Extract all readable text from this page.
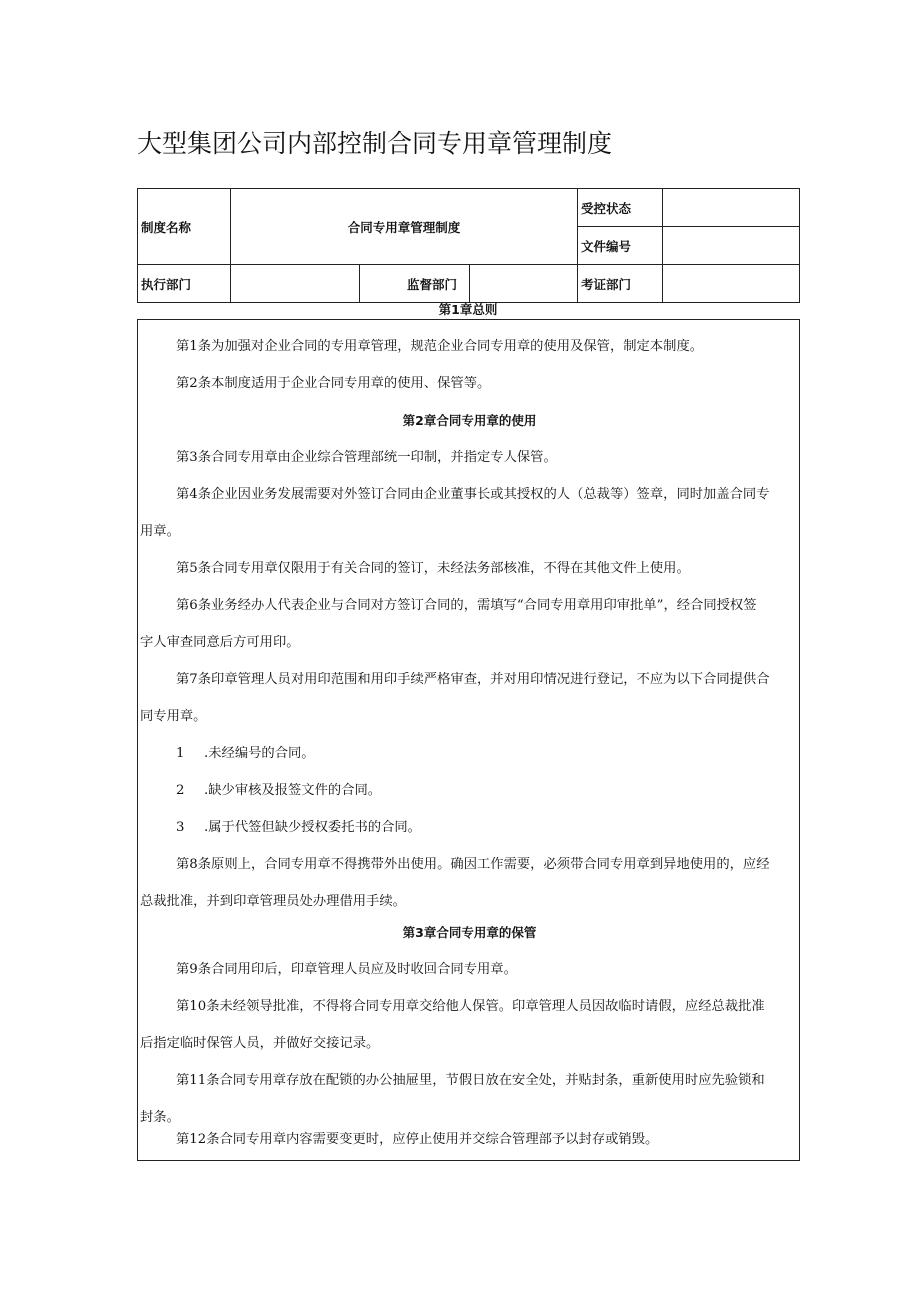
大型集团公司内部控制合同专用章管理制度
制度名称	合同专用章管理制度			受控状态	
				文件编号	
执行部门		监督部门		考证部门	
第1章总则

第1条为加强对企业合同的专用章管理，规范企业合同专用章的使用及保管，制定本制度。

第2条本制度适用于企业合同专用章的使用、保管等。

第2章合同专用章的使用

第3条合同专用章由企业综合管理部统一印制，并指定专人保管。

第4条企业因业务发展需要对外签订合同由企业董事长或其授权的人（总裁等）签章，同时加盖合同专
用章。

第5条合同专用章仅限用于有关合同的签订，未经法务部核准，不得在其他文件上使用。

第6条业务经办人代表企业与合同对方签订合同的，需填写“合同专用章用印审批单”，经合同授权签
字人审查同意后方可用印。

第7条印章管理人员对用印范围和用印手续严格审查，并对用印情况进行登记，不应为以下合同提供合
同专用章。

1 .未经编号的合同。

2 .缺少审核及报签文件的合同。

3 .属于代签但缺少授权委托书的合同。

第8条原则上，合同专用章不得携带外出使用。确因工作需要，必须带合同专用章到异地使用的，应经
总裁批准，并到印章管理员处办理借用手续。

第3章合同专用章的保管

第9条合同用印后，印章管理人员应及时收回合同专用章。

第10条未经领导批准，不得将合同专用章交给他人保管。印章管理人员因故临时请假，应经总裁批准
后指定临时保管人员，并做好交接记录。

第11条合同专用章存放在配锁的办公抽屉里，节假日放在安全处，并贴封条，重新使用时应先验锁和
封条。

第12条合同专用章内容需要变更时，应停止使用并交综合管理部予以封存或销毁。
